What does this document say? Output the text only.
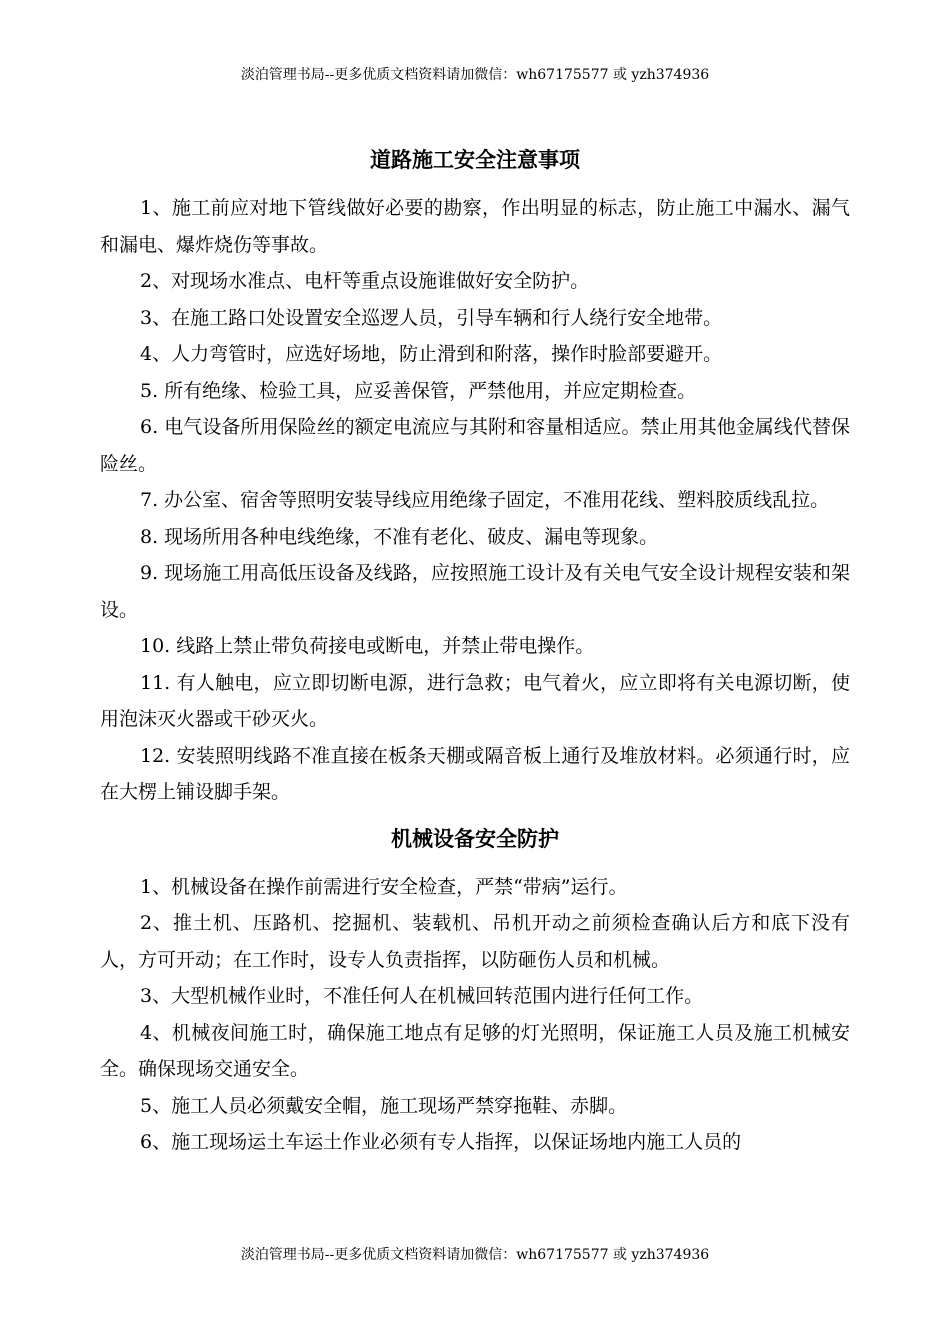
淡泊管理书局--更多优质文档资料请加微信：wh67175577 或 yzh374936
道路施工安全注意事项

1、施工前应对地下管线做好必要的勘察，作出明显的标志，防止施工中漏水、漏气和漏电、爆炸烧伤等事故。

2、对现场水准点、电杆等重点设施谁做好安全防护。

3、在施工路口处设置安全巡逻人员，引导车辆和行人绕行安全地带。

4、人力弯管时，应选好场地，防止滑到和附落，操作时脸部要避开。

5. 所有绝缘、检验工具，应妥善保管，严禁他用，并应定期检查。

6. 电气设备所用保险丝的额定电流应与其附和容量相适应。禁止用其他金属线代替保险丝。

7. 办公室、宿舍等照明安装导线应用绝缘子固定，不准用花线、塑料胶质线乱拉。

8. 现场所用各种电线绝缘，不准有老化、破皮、漏电等现象。

9. 现场施工用高低压设备及线路，应按照施工设计及有关电气安全设计规程安装和架设。

10. 线路上禁止带负荷接电或断电，并禁止带电操作。

11. 有人触电，应立即切断电源，进行急救；电气着火，应立即将有关电源切断，使用泡沫灭火器或干砂灭火。

12. 安装照明线路不准直接在板条天棚或隔音板上通行及堆放材料。必须通行时，应在大楞上铺设脚手架。

机械设备安全防护

1、机械设备在操作前需进行安全检查，严禁“带病”运行。

2、推土机、压路机、挖掘机、装载机、吊机开动之前须检查确认后方和底下没有人，方可开动；在工作时，设专人负责指挥，以防砸伤人员和机械。

3、大型机械作业时，不准任何人在机械回转范围内进行任何工作。

4、机械夜间施工时，确保施工地点有足够的灯光照明，保证施工人员及施工机械安全。确保现场交通安全。

5、施工人员必须戴安全帽，施工现场严禁穿拖鞋、赤脚。

6、施工现场运土车运土作业必须有专人指挥，以保证场地内施工人员的

淡泊管理书局--更多优质文档资料请加微信：wh67175577 或 yzh374936
